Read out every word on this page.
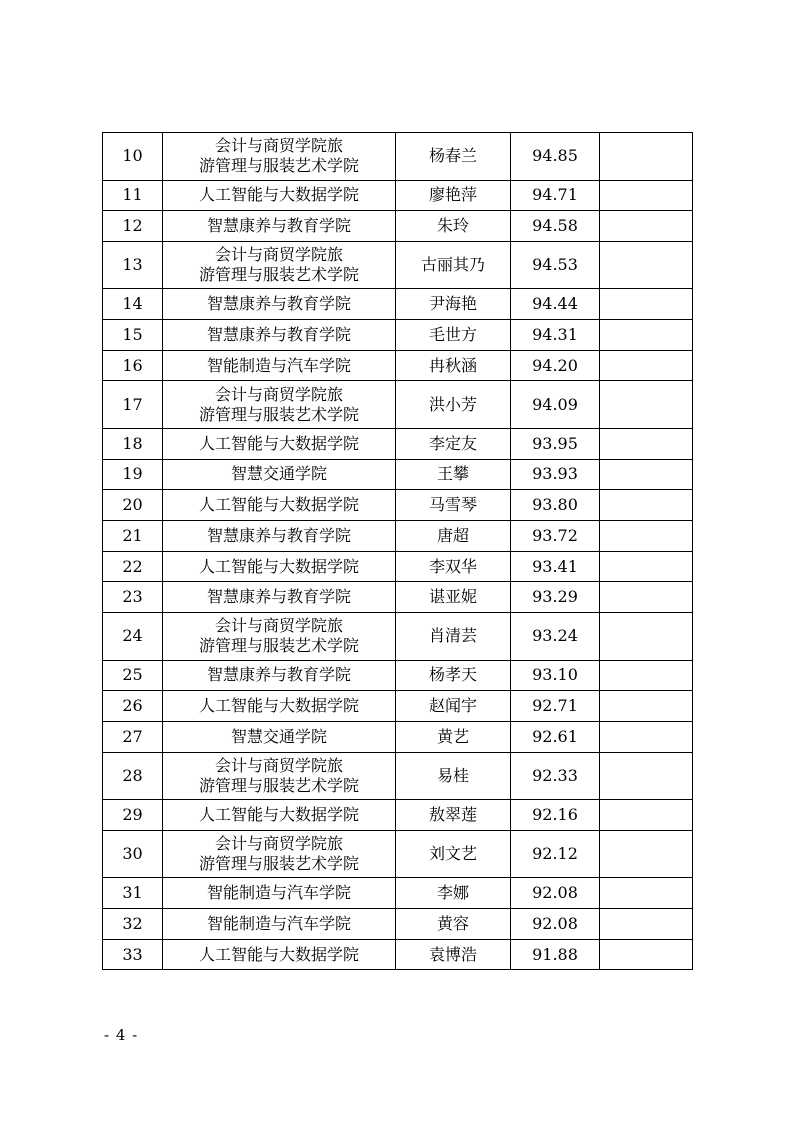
10	会计与商贸学院旅
游管理与服装艺术学院	杨春兰	94.85	
11	人工智能与大数据学院	廖艳萍	94.71	
12	智慧康养与教育学院	朱玲	94.58	
13	会计与商贸学院旅
游管理与服装艺术学院	古丽其乃	94.53	
14	智慧康养与教育学院	尹海艳	94.44	
15	智慧康养与教育学院	毛世方	94.31	
16	智能制造与汽车学院	冉秋涵	94.20	
17	会计与商贸学院旅
游管理与服装艺术学院	洪小芳	94.09	
18	人工智能与大数据学院	李定友	93.95	
19	智慧交通学院	王攀	93.93	
20	人工智能与大数据学院	马雪琴	93.80	
21	智慧康养与教育学院	唐超	93.72	
22	人工智能与大数据学院	李双华	93.41	
23	智慧康养与教育学院	谌亚妮	93.29	
24	会计与商贸学院旅
游管理与服装艺术学院	肖清芸	93.24	
25	智慧康养与教育学院	杨孝天	93.10	
26	人工智能与大数据学院	赵闻宇	92.71	
27	智慧交通学院	黄艺	92.61	
28	会计与商贸学院旅
游管理与服装艺术学院	易桂	92.33	
29	人工智能与大数据学院	敖翠莲	92.16	
30	会计与商贸学院旅
游管理与服装艺术学院	刘文艺	92.12	
31	智能制造与汽车学院	李娜	92.08	
32	智能制造与汽车学院	黄容	92.08	
33	人工智能与大数据学院	袁博浩	91.88	
- 4 -
